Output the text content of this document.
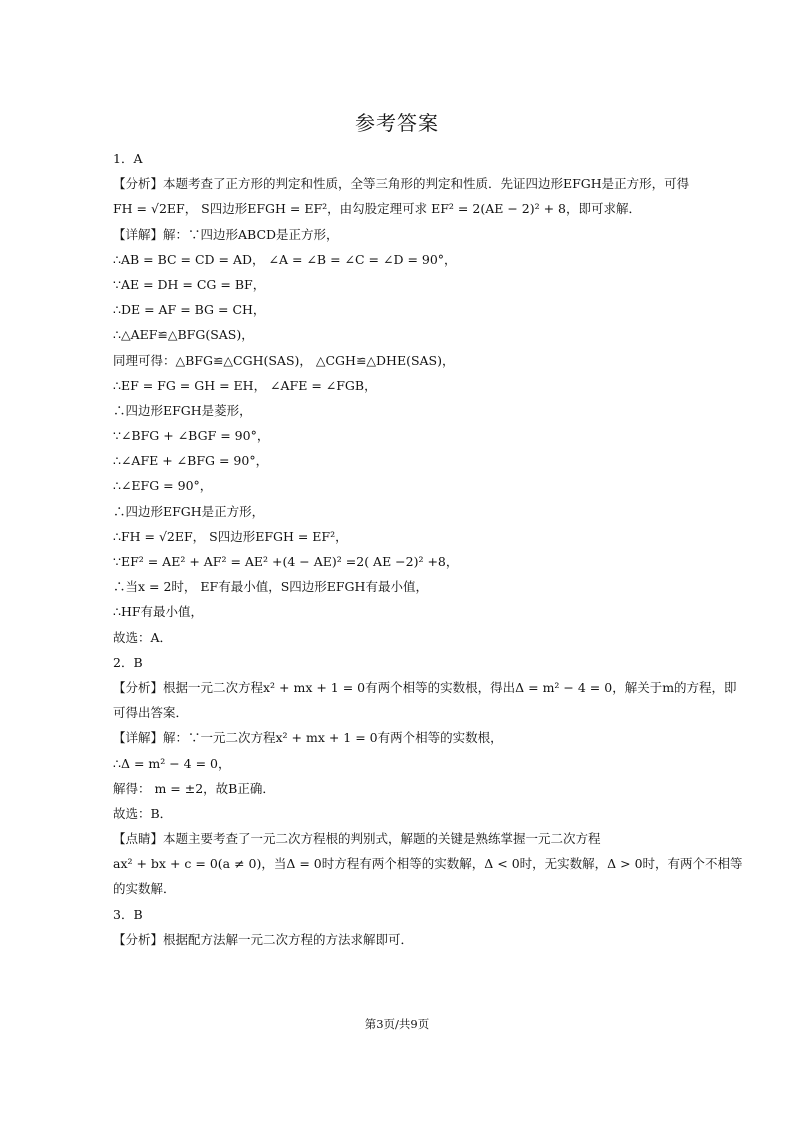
参考答案
1．A
【分析】本题考查了正方形的判定和性质，全等三角形的判定和性质．先证四边形EFGH是正方形，可得
FH = √2EF， S四边形EFGH = EF²，由勾股定理可求 EF² = 2(AE − 2)² + 8，即可求解．
【详解】解：∵四边形ABCD是正方形，
∴AB = BC = CD = AD， ∠A = ∠B = ∠C = ∠D = 90°，
∵AE = DH = CG = BF，
∴DE = AF = BG = CH，
∴△AEF≌△BFG(SAS)，
同理可得：△BFG≌△CGH(SAS)， △CGH≌△DHE(SAS)，
∴EF = FG = GH = EH， ∠AFE = ∠FGB，
∴四边形EFGH是菱形，
∵∠BFG + ∠BGF = 90°，
∴∠AFE + ∠BFG = 90°，
∴∠EFG = 90°，
∴四边形EFGH是正方形，
∴FH = √2EF， S四边形EFGH = EF²，
∵EF² = AE² + AF² = AE² +(4 − AE)² =2( AE −2)² +8，
∴当x = 2时， EF有最小值，S四边形EFGH有最小值，
∴HF有最小值，
故选：A．
2．B
【分析】根据一元二次方程x² + mx + 1 = 0有两个相等的实数根，得出Δ = m² − 4 = 0，解关于m的方程，即
可得出答案．
【详解】解：∵一元二次方程x² + mx + 1 = 0有两个相等的实数根，
∴Δ = m² − 4 = 0，
解得： m = ±2，故B正确．
故选：B．
【点睛】本题主要考查了一元二次方程根的判别式，解题的关键是熟练掌握一元二次方程
ax² + bx + c = 0(a ≠ 0)，当Δ = 0时方程有两个相等的实数解，Δ < 0时，无实数解，Δ > 0时，有两个不相等
的实数解．
3．B
【分析】根据配方法解一元二次方程的方法求解即可．
第3页/共9页
